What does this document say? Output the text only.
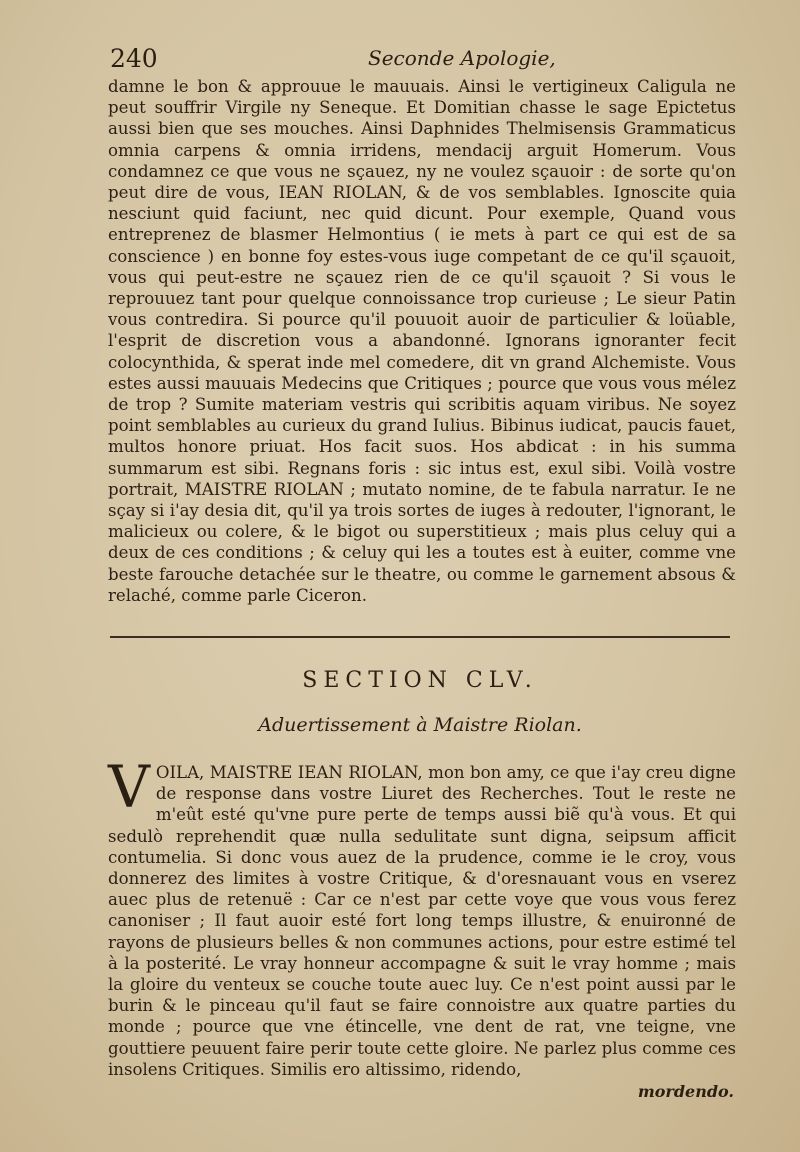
240	Seconde Apologie,

damne le bon & approuue le mauuais. Ainsi le vertigineux Caligula ne peut souffrir Virgile ny Seneque. Et Domitian chasse le sage Epictetus aussi bien que ses mouches. Ainsi Daphnides Thelmisensis Grammaticus omnia carpens & omnia irridens, mendacij arguit Homerum. Vous condamnez ce que vous ne sçauez, ny ne voulez sçauoir : de sorte qu'on peut dire de vous, IEAN RIOLAN, & de vos semblables. Ignoscite quia nesciunt quid faciunt, nec quid dicunt. Pour exemple, Quand vous entreprenez de blasmer Helmontius ( ie mets à part ce qui est de sa conscience ) en bonne foy estes-vous iuge competant de ce qu'il sçauoit, vous qui peut-estre ne sçauez rien de ce qu'il sçauoit ? Si vous le reprouuez tant pour quelque connoissance trop curieuse ; Le sieur Patin vous contredira. Si pource qu'il pouuoit auoir de particulier & loüable, l'esprit de discretion vous a abandonné. Ignorans ignoranter fecit colocynthida, & sperat inde mel comedere, dit vn grand Alchemiste. Vous estes aussi mauuais Medecins que Critiques ; pource que vous vous mélez de trop ? Sumite materiam vestris qui scribitis aquam viribus. Ne soyez point semblables au curieux du grand Iulius. Bibinus iudicat, paucis fauet, multos honore priuat. Hos facit suos. Hos abdicat : in his summa summarum est sibi. Regnans foris : sic intus est, exul sibi. Voilà vostre portrait, MAISTRE RIOLAN ; mutato nomine, de te fabula narratur. Ie ne sçay si i'ay desia dit, qu'il ya trois sortes de iuges à redouter, l'ignorant, le malicieux ou colere, & le bigot ou superstitieux ; mais plus celuy qui a deux de ces conditions ; & celuy qui les a toutes est à euiter, comme vne beste farouche detachée sur le theatre, ou comme le garnement absous & relaché, comme parle Ciceron.

SECTION CLV.
Aduertissement à Maistre Riolan.

VOILA, MAISTRE IEAN RIOLAN, mon bon amy, ce que i'ay creu digne de response dans vostre Liuret des Recherches. Tout le reste ne m'eût esté qu'vne pure perte de temps aussi biẽ qu'à vous. Et qui sedulò reprehendit quæ nulla sedulitate sunt digna, seipsum afficit contumelia. Si donc vous auez de la prudence, comme ie le croy, vous donnerez des limites à vostre Critique, & d'oresnauant vous en vserez auec plus de retenuë : Car ce n'est par cette voye que vous vous ferez canoniser ; Il faut auoir esté fort long temps illustre, & enuironné de rayons de plusieurs belles & non communes actions, pour estre estimé tel à la posterité. Le vray honneur accompagne & suit le vray homme ; mais la gloire du venteux se couche toute auec luy. Ce n'est point aussi par le burin & le pinceau qu'il faut se faire connoistre aux quatre parties du monde ; pource que vne étincelle, vne dent de rat, vne teigne, vne gouttiere peuuent faire perir toute cette gloire. Ne parlez plus comme ces insolens Critiques. Similis ero altissimo, ridendo,

mordendo.
